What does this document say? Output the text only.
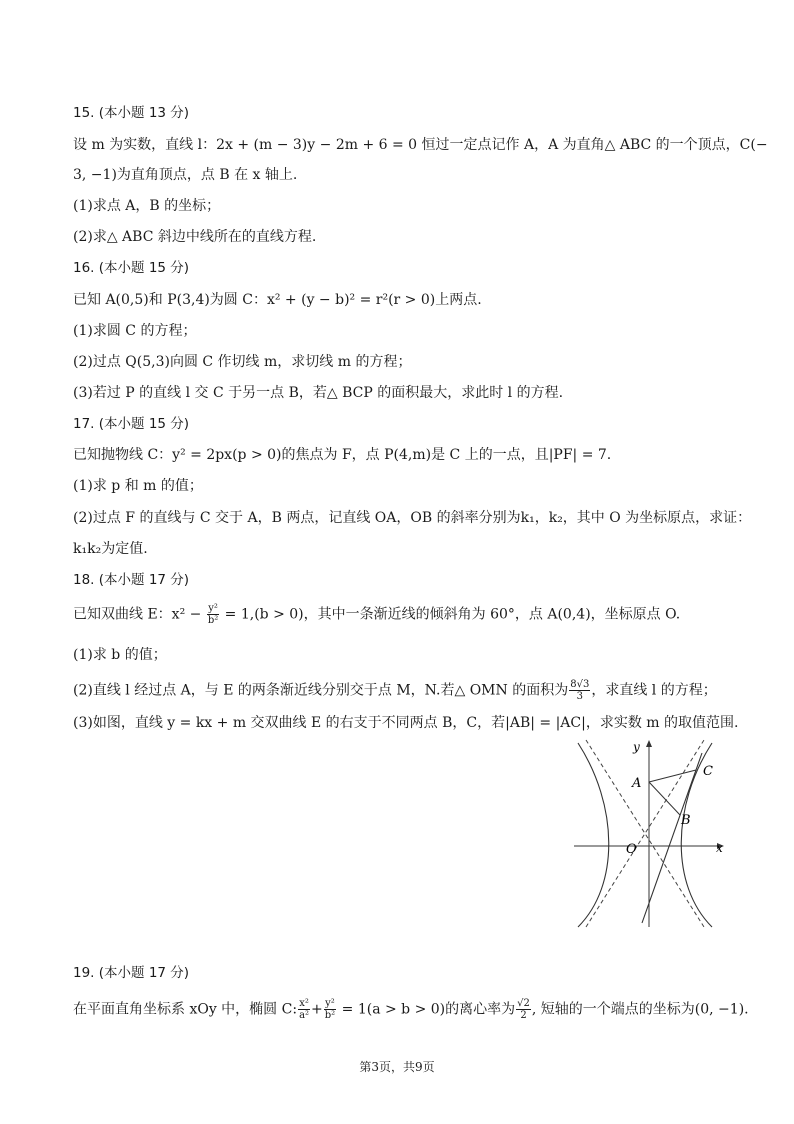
15. (本小题 13 分)
设 m 为实数，直线 l：2x + (m − 3)y − 2m + 6 = 0 恒过一定点记作 A，A 为直角△ ABC 的一个顶点，C(−
3, −1)为直角顶点，点 B 在 x 轴上.
(1)求点 A，B 的坐标；
(2)求△ ABC 斜边中线所在的直线方程.
16. (本小题 15 分)
已知 A(0,5)和 P(3,4)为圆 C：x² + (y − b)² = r²(r > 0)上两点.
(1)求圆 C 的方程；
(2)过点 Q(5,3)向圆 C 作切线 m，求切线 m 的方程；
(3)若过 P 的直线 l 交 C 于另一点 B，若△ BCP 的面积最大，求此时 l 的方程.
17. (本小题 15 分)
已知抛物线 C：y² = 2px(p > 0)的焦点为 F，点 P(4,m)是 C 上的一点，且|PF| = 7.
(1)求 p 和 m 的值；
(2)过点 F 的直线与 C 交于 A，B 两点，记直线 OA，OB 的斜率分别为k₁，k₂，其中 O 为坐标原点，求证：
k₁k₂为定值.
18. (本小题 17 分)
已知双曲线 E：$x^2 - \frac{\text{y²}}{\text{b²}} = 1,(b > 0)$，其中一条渐近线的倾斜角为 60°，点 A(0,4)，坐标原点 O.
(1)求 b 的值；
(2)直线 l 经过点 A，与 E 的两条渐近线分别交于点 M，N.若△ OMN 的面积为 $\frac{8√3}{3}$ ，求直线 l 的方程；
(3)如图，直线 y = kx + m 交双曲线 E 的右支于不同两点 B，C，若|AB| = |AC|，求实数 m 的取值范围.
y
x
A
C
B
O
19. (本小题 17 分)
在平面直角坐标系 xOy 中，椭圆 C: $\frac{\text{x²}}{\text{a²}} + \frac{\text{y²}}{\text{b²}} = 1(a > b > 0)$的离心率为 $\frac{√2}{2}$ , 短轴的一个端点的坐标为(0, −1).
第3页，共9页
